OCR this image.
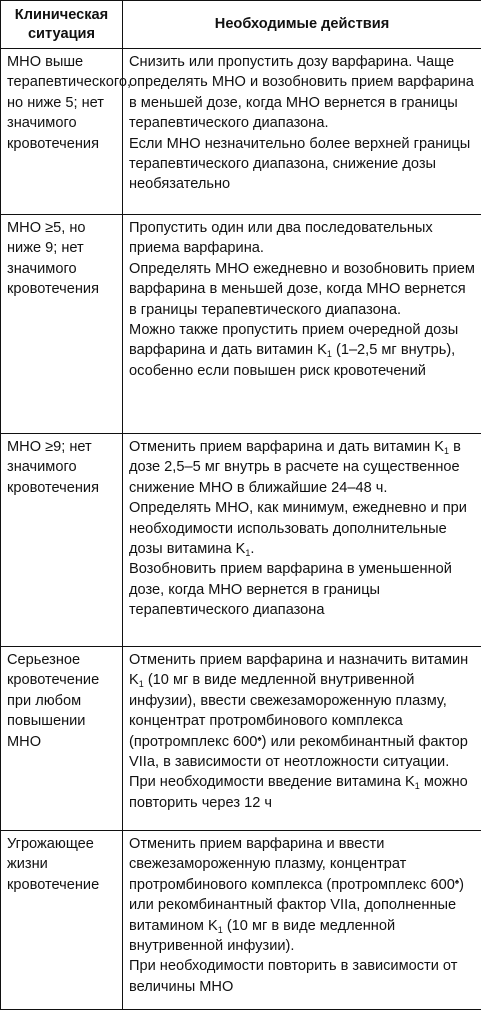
Клиническая ситуация	Необходимые действия
МНО выше терапевтического, но ниже 5; нет значимого кровотечения	Снизить или пропустить дозу варфарина. Чаще определять МНО и возобновить прием варфарина в меньшей дозе, когда МНО вернется в границы терапевтического диапазона.
Если МНО незначительно более верхней границы терапевтического диапазона, снижение дозы необязательно

МНО ≥5, но ниже 9; нет значимого кровотечения	Пропустить один или два последовательных приема варфарина.
Определять МНО ежедневно и возобновить прием варфарина в меньшей дозе, когда МНО вернется в границы терапевтического диапазона.
Можно также пропустить прием очередной дозы варфарина и дать витамин $K_1$ (1–2,5 мг внутрь), особенно если повышен риск кровотечений

МНО ≥9; нет значимого кровотечения	Отменить прием варфарина и дать витамин $K_1$ в дозе 2,5–5 мг внутрь в расчете на существенное снижение МНО в ближайшие 24–48 ч.
Определять МНО, как минимум, ежедневно и при необходимости использовать дополнительные дозы витамина $K_1$.
Возобновить прием варфарина в уменьшенной дозе, когда МНО вернется в границы терапевтического диапазона

Серьезное кровотечение при любом повышении МНО	Отменить прием варфарина и назначить витамин $K_1$ (10 мг в виде медленной внутривенной инфузии), ввести свежезамороженную плазму, концентрат протромбинового комплекса (протромплекс 600♠) или рекомбинантный фактор VIIa, в зависимости от неотложности ситуации.
При необходимости введение витамина $K_1$ можно повторить через 12 ч

Угрожающее жизни кровотечение	Отменить прием варфарина и ввести свежезамороженную плазму, концентрат протромбинового комплекса (протромплекс 600♠) или рекомбинантный фактор VIIa, дополненные витамином $K_1$ (10 мг в виде медленной внутривенной инфузии).
При необходимости повторить в зависимости от величины МНО
